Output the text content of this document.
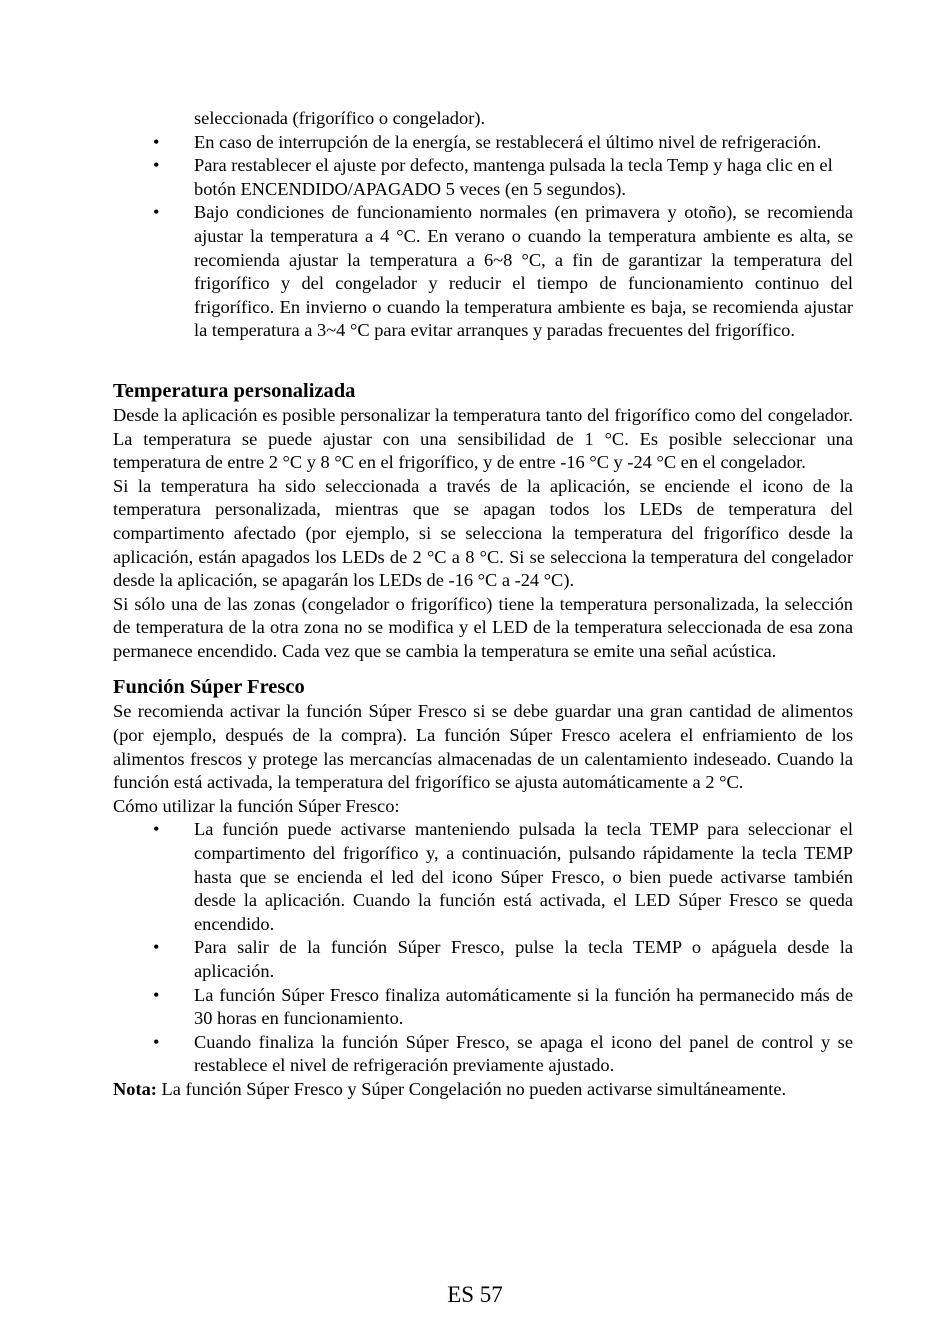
seleccionada (frigorífico o congelador).

• En caso de interrupción de la energía, se restablecerá el último nivel de refrigeración.
• Para restablecer el ajuste por defecto, mantenga pulsada la tecla Temp y haga clic en el botón ENCENDIDO/APAGADO 5 veces (en 5 segundos).
• Bajo condiciones de funcionamiento normales (en primavera y otoño), se recomienda ajustar la temperatura a 4 °C. En verano o cuando la temperatura ambiente es alta, se recomienda ajustar la temperatura a 6~8 °C, a fin de garantizar la temperatura del frigorífico y del congelador y reducir el tiempo de funcionamiento continuo del frigorífico. En invierno o cuando la temperatura ambiente es baja, se recomienda ajustar la temperatura a 3~4 °C para evitar arranques y paradas frecuentes del frigorífico.
Temperatura personalizada

Desde la aplicación es posible personalizar la temperatura tanto del frigorífico como del congelador. La temperatura se puede ajustar con una sensibilidad de 1 °C. Es posible seleccionar una temperatura de entre 2 °C y 8 °C en el frigorífico, y de entre -16 °C y -24 °C en el congelador.

Si la temperatura ha sido seleccionada a través de la aplicación, se enciende el icono de la temperatura personalizada, mientras que se apagan todos los LEDs de temperatura del compartimento afectado (por ejemplo, si se selecciona la temperatura del frigorífico desde la aplicación, están apagados los LEDs de 2 °C a 8 °C. Si se selecciona la temperatura del congelador desde la aplicación, se apagarán los LEDs de -16 °C a -24 °C).

Si sólo una de las zonas (congelador o frigorífico) tiene la temperatura personalizada, la selección de temperatura de la otra zona no se modifica y el LED de la temperatura seleccionada de esa zona permanece encendido. Cada vez que se cambia la temperatura se emite una señal acústica.

Función Súper Fresco

Se recomienda activar la función Súper Fresco si se debe guardar una gran cantidad de alimentos (por ejemplo, después de la compra). La función Súper Fresco acelera el enfriamiento de los alimentos frescos y protege las mercancías almacenadas de un calentamiento indeseado. Cuando la función está activada, la temperatura del frigorífico se ajusta automáticamente a 2 °C.

Cómo utilizar la función Súper Fresco:

• La función puede activarse manteniendo pulsada la tecla TEMP para seleccionar el compartimento del frigorífico y, a continuación, pulsando rápidamente la tecla TEMP hasta que se encienda el led del icono Súper Fresco, o bien puede activarse también desde la aplicación. Cuando la función está activada, el LED Súper Fresco se queda encendido.
• Para salir de la función Súper Fresco, pulse la tecla TEMP o apáguela desde la aplicación.
• La función Súper Fresco finaliza automáticamente si la función ha permanecido más de 30 horas en funcionamiento.
• Cuando finaliza la función Súper Fresco, se apaga el icono del panel de control y se restablece el nivel de refrigeración previamente ajustado.

Nota: La función Súper Fresco y Súper Congelación no pueden activarse simultáneamente.

ES 57
